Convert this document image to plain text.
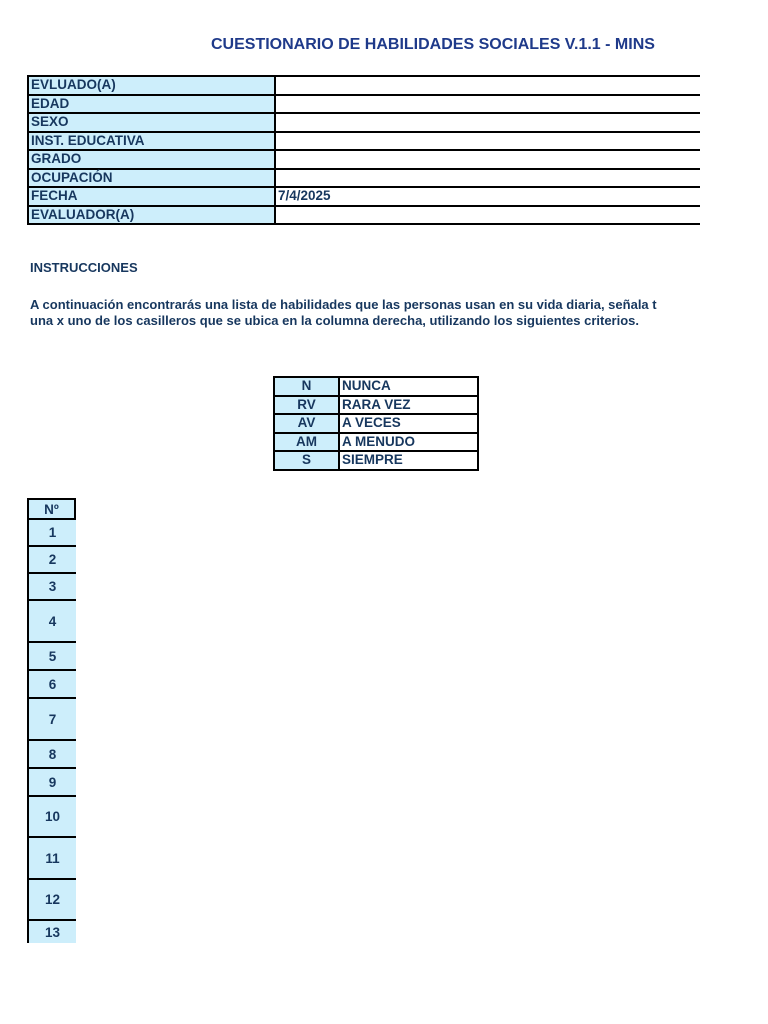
CUESTIONARIO DE HABILIDADES SOCIALES V.1.1 - MINS
EVLUADO(A)	
EDAD	
SEXO	
INST. EDUCATIVA	
GRADO	
OCUPACIÓN	
FECHA	7/4/2025
EVALUADOR(A)	
INSTRUCCIONES
A continuación encontrarás una lista de habilidades que las personas usan en su vida diaria, señala t
una x uno de los casilleros que se ubica en la columna derecha, utilizando los siguientes criterios.
N	NUNCA
RV	RARA VEZ
AV	A VECES
AM	A MENUDO
S	SIEMPRE
Nº
1
2
3
4
5
6
7
8
9
10
11
12
13
